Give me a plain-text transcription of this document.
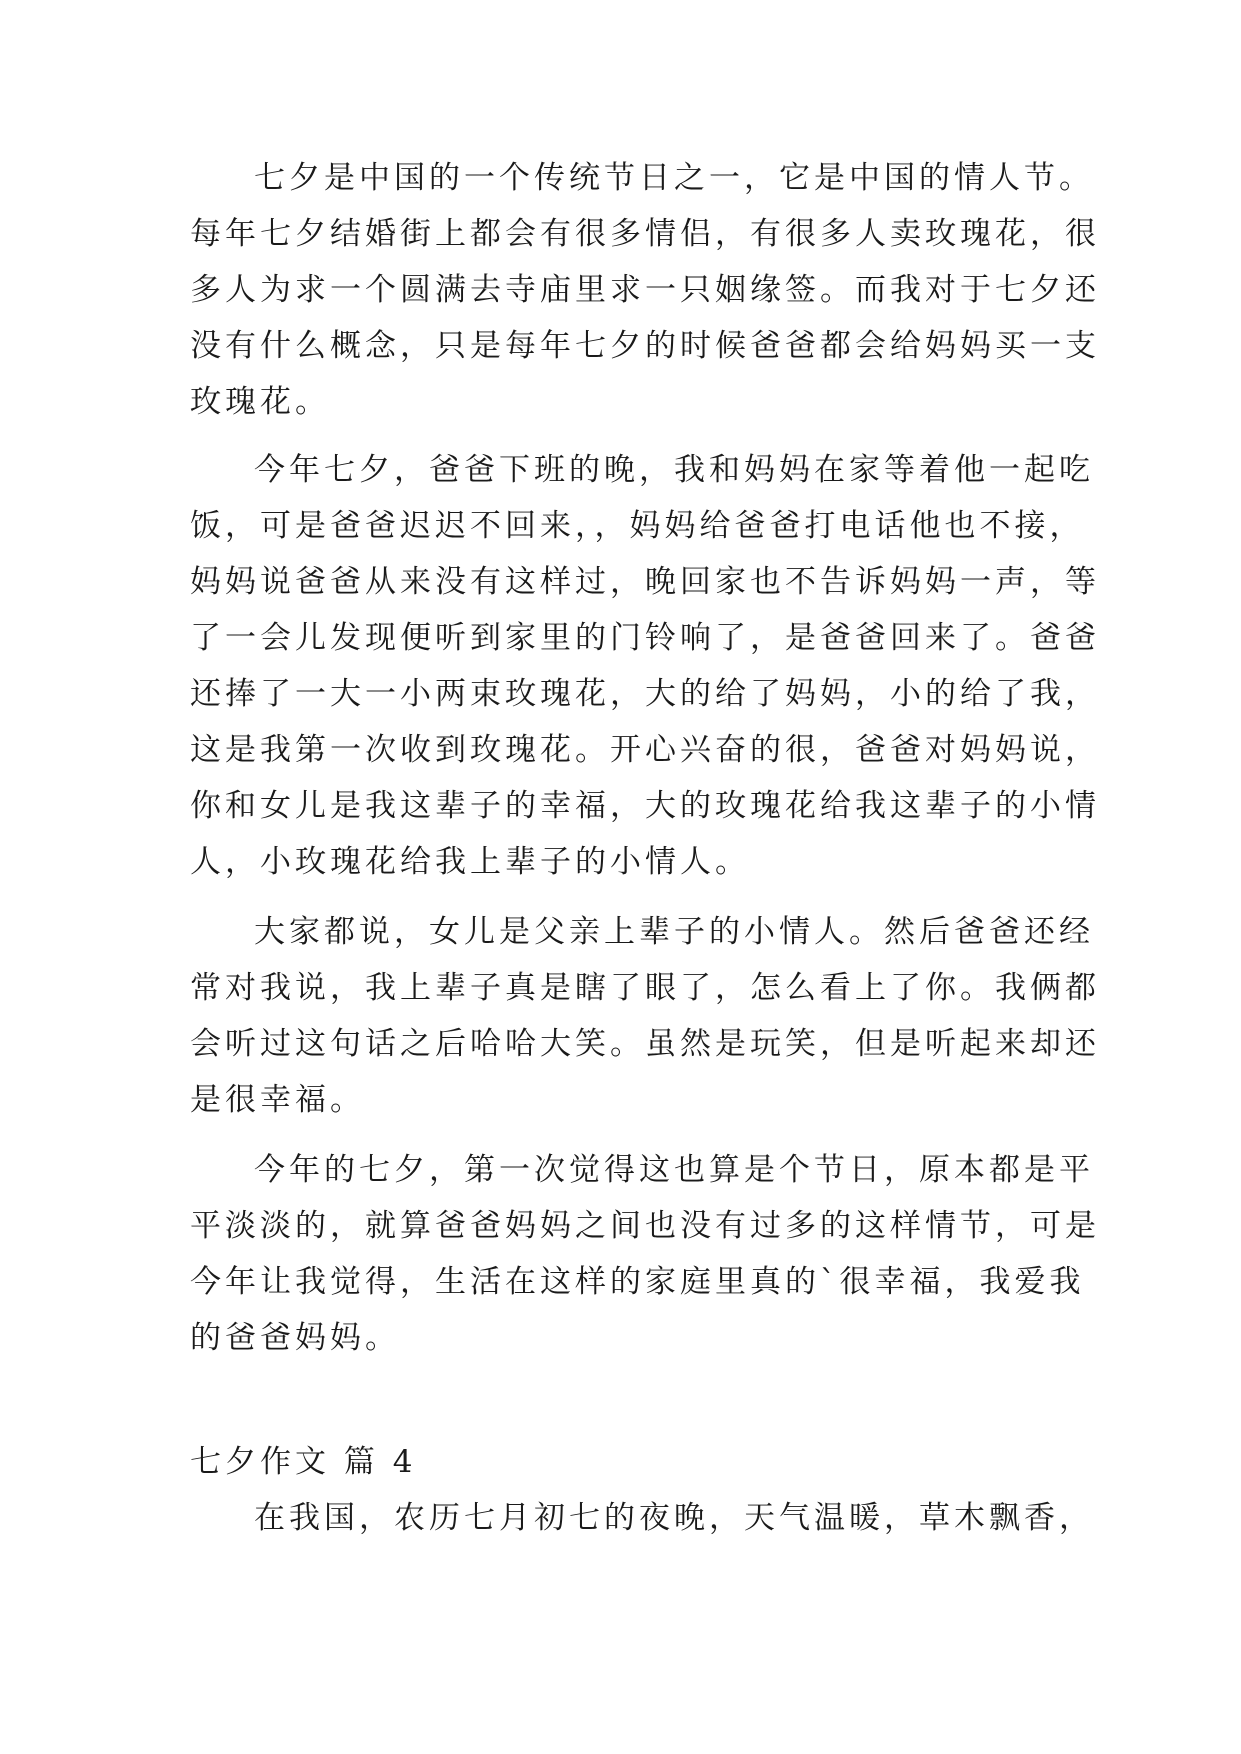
七夕是中国的一个传统节日之一，它是中国的情人节。
每年七夕结婚街上都会有很多情侣，有很多人卖玫瑰花，很
多人为求一个圆满去寺庙里求一只姻缘签。而我对于七夕还
没有什么概念，只是每年七夕的时候爸爸都会给妈妈买一支
玫瑰花。
今年七夕，爸爸下班的晚，我和妈妈在家等着他一起吃
饭，可是爸爸迟迟不回来，，妈妈给爸爸打电话他也不接，
妈妈说爸爸从来没有这样过，晚回家也不告诉妈妈一声，等
了一会儿发现便听到家里的门铃响了，是爸爸回来了。爸爸
还捧了一大一小两束玫瑰花，大的给了妈妈，小的给了我，
这是我第一次收到玫瑰花。开心兴奋的很，爸爸对妈妈说，
你和女儿是我这辈子的幸福，大的玫瑰花给我这辈子的小情
人，小玫瑰花给我上辈子的小情人。
大家都说，女儿是父亲上辈子的小情人。然后爸爸还经
常对我说，我上辈子真是瞎了眼了，怎么看上了你。我俩都
会听过这句话之后哈哈大笑。虽然是玩笑，但是听起来却还
是很幸福。
今年的七夕，第一次觉得这也算是个节日，原本都是平
平淡淡的，就算爸爸妈妈之间也没有过多的这样情节，可是
今年让我觉得，生活在这样的家庭里真的`很幸福，我爱我
的爸爸妈妈。
七夕作文 篇 4
在我国，农历七月初七的夜晚，天气温暖，草木飘香，
